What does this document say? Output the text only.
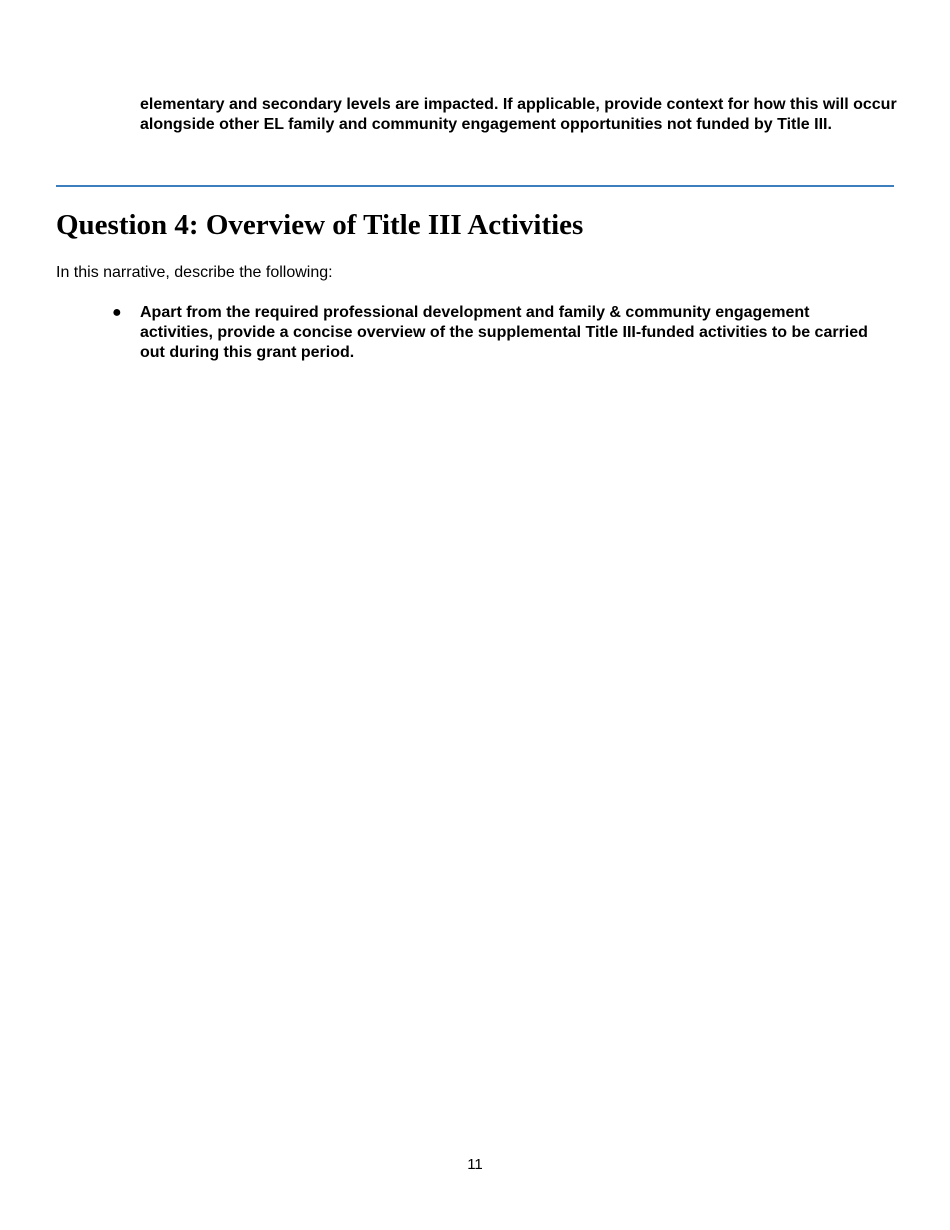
elementary and secondary levels are impacted. If applicable, provide context for how this will occur alongside other EL family and community engagement opportunities not funded by Title III.

Question 4: Overview of Title III Activities

In this narrative, describe the following:

● Apart from the required professional development and family & community engagement activities, provide a concise overview of the supplemental Title III-funded activities to be carried out during this grant period.

11
